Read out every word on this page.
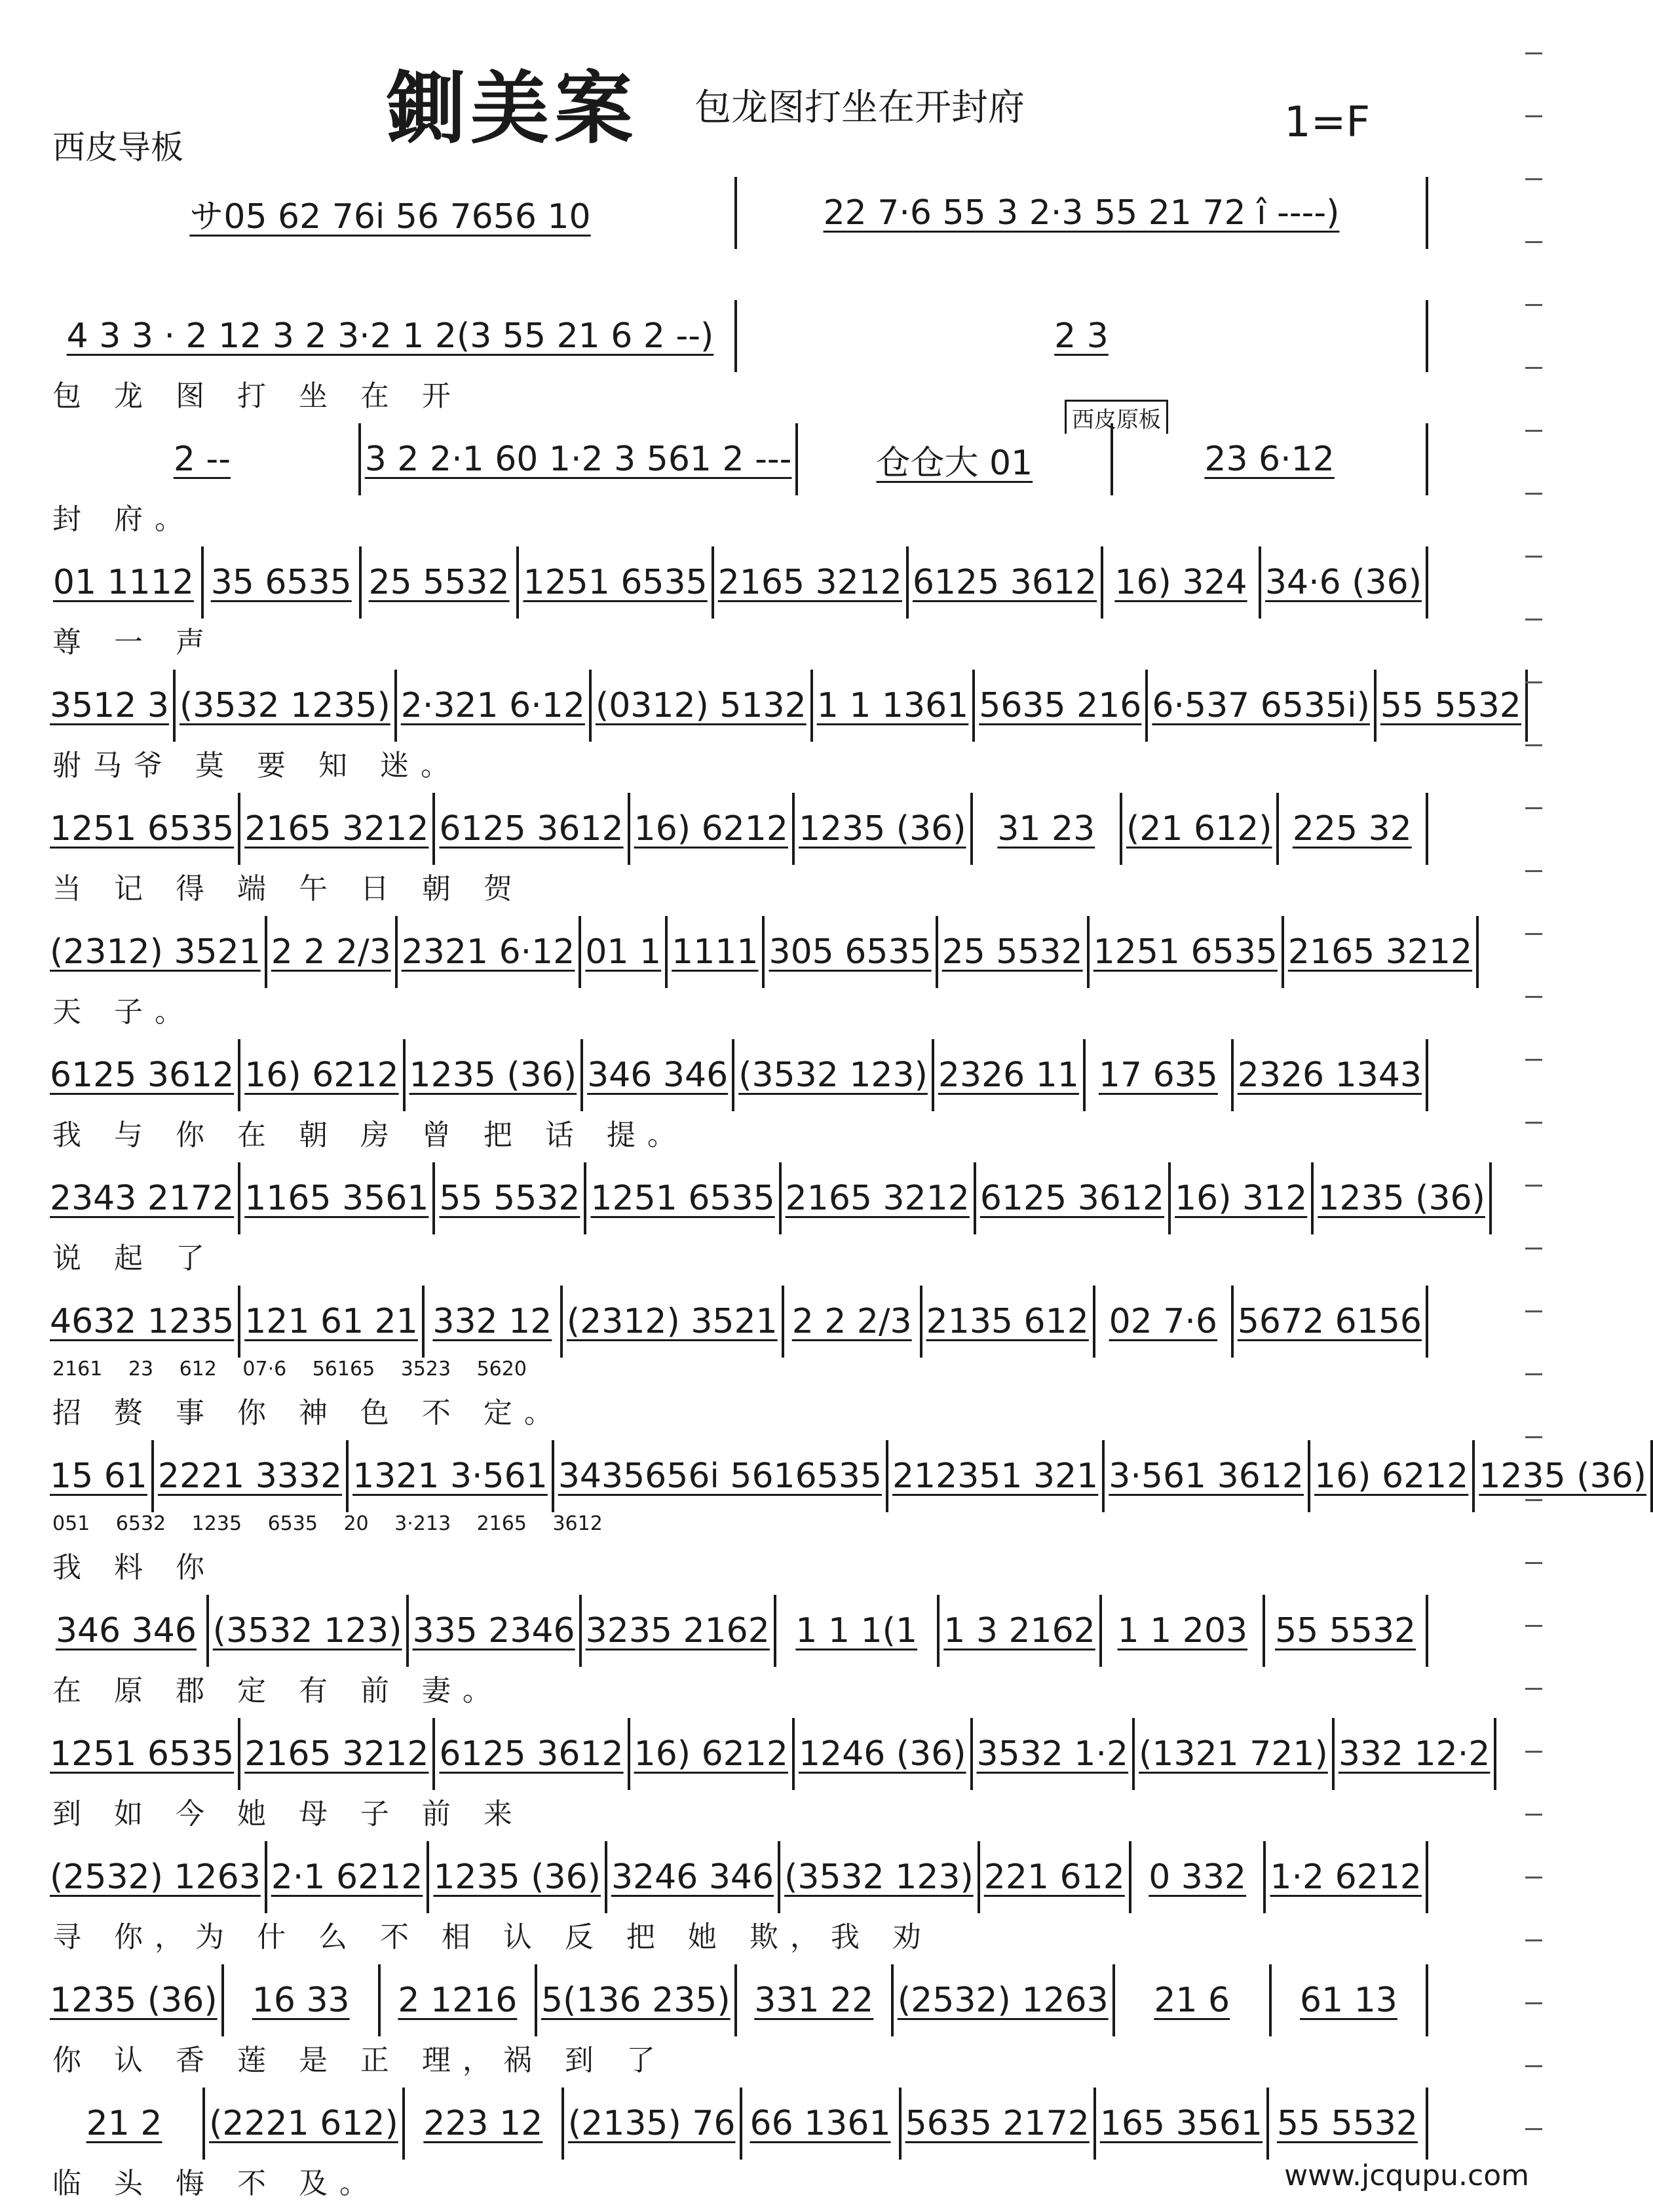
鍘美案 包龙图打坐在开封府	1=F
西皮导板
サ05 62 76i 56 7656 10	22 7·6 55 3 2·3 55 21 72 î ----)
4 3 3 · 2 12 3 2 3·2 1 2(3 55 21 6 2 --)	2 3
包 龙 图 打 坐 在 开
2 --	3 2 2·1 60 1·2 3 561 2 --- 仓仓大 01	23 6·12
封 府。
01 1112 35 6535 25 5532 1251 6535 2165 3212 6125 3612 16) 324 34·6 (36)
尊 一 声
3512 3 (3532 1235) 2·321 6·12 (0312) 5132 1 1 1361 5635 216 6·537 6535i) 55 5532
驸马爷 莫 要 知 迷。
1251 6535 2165 3212 6125 3612 16) 6212 1235 (36) 31 23 (21 612) 225 32
当 记 得 端 午 日 朝 贺
(2312) 3521 2 2 2/3 2321 6·12 01 1 1111 305 6535 25 5532 1251 6535 2165 3212
天 子。
6125 3612 16) 6212 1235 (36) 346 346 (3532 123) 2326 11 17 635 2326 1343
我 与 你 在 朝 房 曾 把 话 提。
2343 2172 1165 3561 55 5532 1251 6535 2165 3212 6125 3612 16) 312 1235 (36)
说 起 了
4632 1235 121 61 21 332 12 (2312) 3521 2 2 2/3 2135 612 02 7·6 5672 6156
2161 23 612 07·6 56165 3523 5620
招 赘 事 你 神 色 不 定。
15 61 2221 3332 1321 3·561 3435656i 5616535 212351 321 3·561 3612 16) 6212 1235 (36)
051 6532 1235 6535 20 3·213 2165 3612
我 料 你
346 346 (3532 123) 335 2346 3235 2162 1 1 1(1 1 3 2162 1 1 203 55 5532
在 原 郡 定 有 前 妻。
1251 6535 2165 3212 6125 3612 16) 6212 1246 (36) 3532 1·2 (1321 721) 332 12·2
到 如 今 她 母 子 前 来
(2532) 1263 2·1 6212 1235 (36) 3246 346 (3532 123) 221 612 0 332 1·2 6212
寻 你，为 什 么 不 相 认 反 把 她 欺，我 劝
1235 (36) 16 33 2 1216 5(136 235) 331 22 (2532) 1263 21 6 61 13
你 认 香 莲 是 正 理，祸 到 了
21 2 (2221 612) 223 12 (2135) 76 66 1361 5635 2172 165 3561 55 5532
临 头 悔 不 及。
西皮原板
www.jcqupu.com
